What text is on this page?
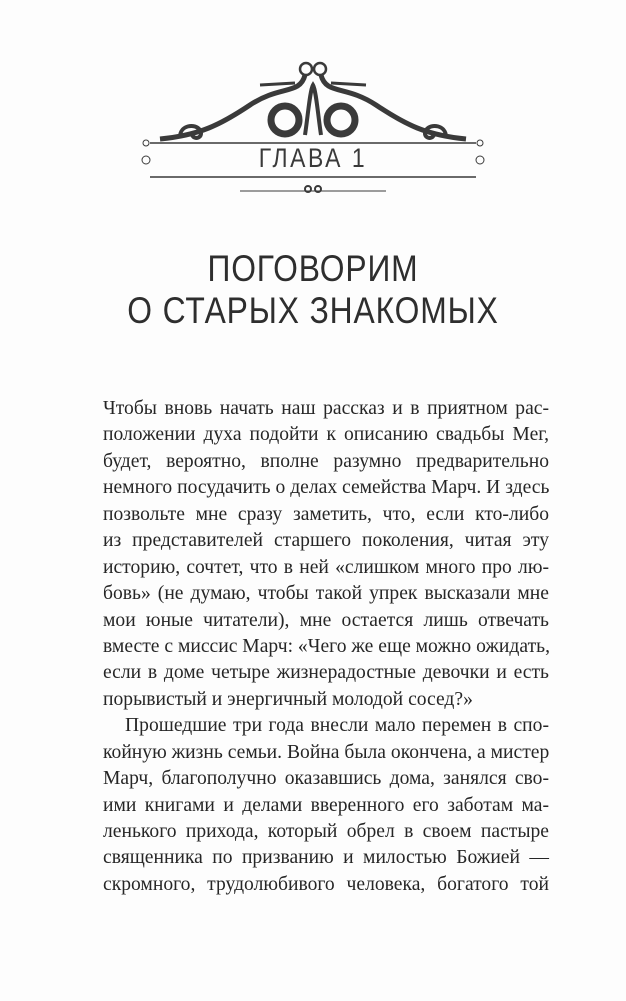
ГЛАВА 1
ПОГОВОРИМ
О СТАРЫХ ЗНАКОМЫХ
Чтобы вновь начать наш рассказ и в приятном рас-
положении духа подойти к описанию свадьбы Мег,
будет, вероятно, вполне разумно предварительно
немного посудачить о делах семейства Марч. И здесь
позвольте мне сразу заметить, что, если кто-либо
из представителей старшего поколения, читая эту
историю, сочтет, что в ней «слишком много про лю-
бовь» (не думаю, чтобы такой упрек высказали мне
мои юные читатели), мне остается лишь отвечать
вместе с миссис Марч: «Чего же еще можно ожидать,
если в доме четыре жизнерадостные девочки и есть
порывистый и энергичный молодой сосед?»
Прошедшие три года внесли мало перемен в спо-
койную жизнь семьи. Война была окончена, а мистер
Марч, благополучно оказавшись дома, занялся сво-
ими книгами и делами вверенного его заботам ма-
ленького прихода, который обрел в своем пастыре
священника по призванию и милостью Божией —
скромного, трудолюбивого человека, богатого той
